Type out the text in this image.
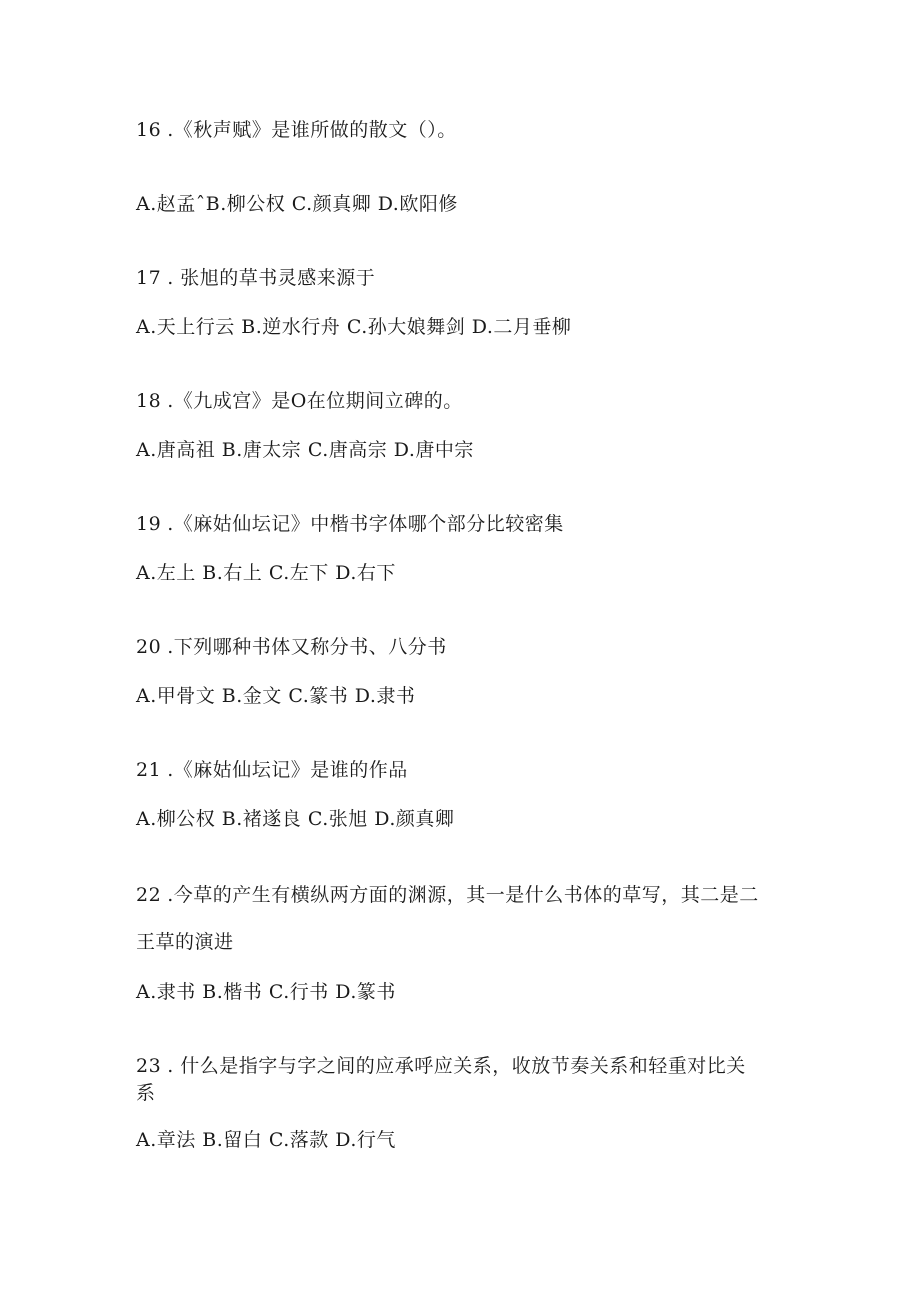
16 .《秋声赋》是谁所做的散文（）。
A.赵孟ˆB.柳公权 C.颜真卿 D.欧阳修
17 . 张旭的草书灵感来源于
A.天上行云 B.逆水行舟 C.孙大娘舞剑 D.二月垂柳
18 .《九成宫》是O在位期间立碑的。
A.唐高祖 B.唐太宗 C.唐高宗 D.唐中宗
19 .《麻姑仙坛记》中楷书字体哪个部分比较密集
A.左上 B.右上 C.左下 D.右下
20 .下列哪种书体又称分书、八分书
A.甲骨文 B.金文 C.篆书 D.隶书
21 .《麻姑仙坛记》是谁的作品
A.柳公权 B.褚遂良 C.张旭 D.颜真卿
22 .今草的产生有横纵两方面的渊源，其一是什么书体的草写，其二是二
王草的演进
A.隶书 B.楷书 C.行书 D.篆书
23 . 什么是指字与字之间的应承呼应关系，收放节奏关系和轻重对比关
系
A.章法 B.留白 C.落款 D.行气
